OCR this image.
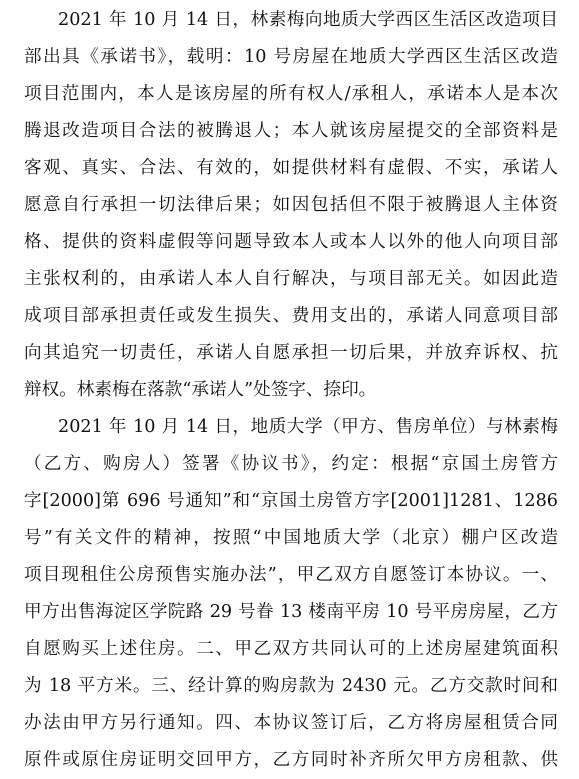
2021 年 10 月 14 日，林素梅向地质大学西区生活区改造项目
部出具《承诺书》，载明：10 号房屋在地质大学西区生活区改造
项目范围内，本人是该房屋的所有权人/承租人，承诺本人是本次
腾退改造项目合法的被腾退人；本人就该房屋提交的全部资料是
客观、真实、合法、有效的，如提供材料有虚假、不实，承诺人
愿意自行承担一切法律后果；如因包括但不限于被腾退人主体资
格、提供的资料虚假等问题导致本人或本人以外的他人向项目部
主张权利的，由承诺人本人自行解决，与项目部无关。如因此造
成项目部承担责任或发生损失、费用支出的，承诺人同意项目部
向其追究一切责任，承诺人自愿承担一切后果，并放弃诉权、抗
辩权。林素梅在落款“承诺人”处签字、捺印。
2021 年 10 月 14 日，地质大学（甲方、售房单位）与林素梅
（乙方、购房人）签署《协议书》，约定：根据“京国土房管方
字[2000]第 696 号通知”和“京国土房管方字[2001]1281、1286
号”有关文件的精神，按照“中国地质大学（北京）棚户区改造
项目现租住公房预售实施办法”，甲乙双方自愿签订本协议。一、
甲方出售海淀区学院路 29 号眷 13 楼南平房 10 号平房房屋，乙方
自愿购买上述住房。二、甲乙双方共同认可的上述房屋建筑面积
为 18 平方米。三、经计算的购房款为 2430 元。乙方交款时间和
办法由甲方另行通知。四、本协议签订后，乙方将房屋租赁合同
原件或原住房证明交回甲方，乙方同时补齐所欠甲方房租款、供
